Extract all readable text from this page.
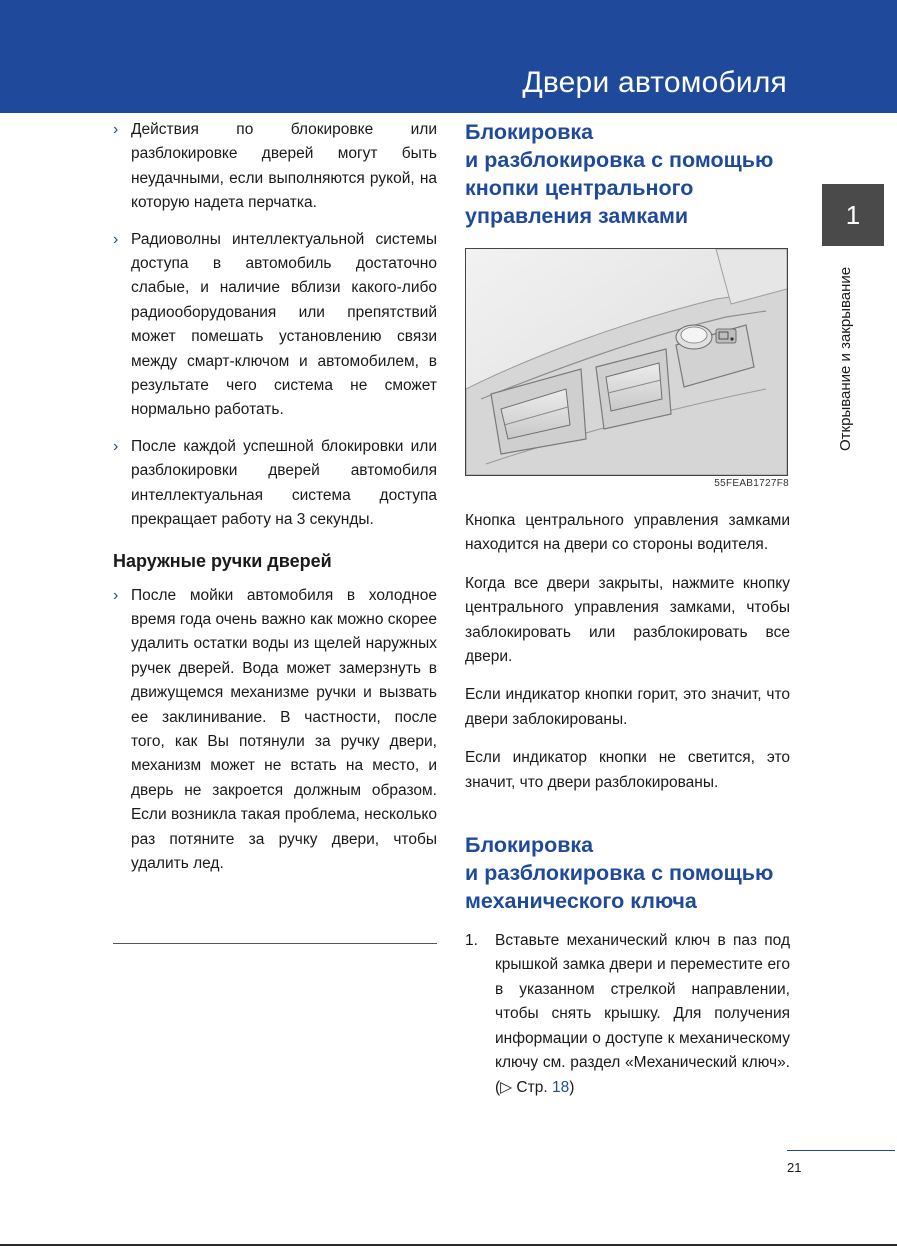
Двери автомобиля
1
Открывание и закрывание
› Действия по блокировке или разблокировке дверей могут быть неудачными, если выполняются рукой, на которую надета перчатка.
› Радиоволны интеллектуальной системы доступа в автомобиль достаточно слабые, и наличие вблизи какого-либо радиооборудования или препятствий может помешать установлению связи между смарт-ключом и автомобилем, в результате чего система не сможет нормально работать.
› После каждой успешной блокировки или разблокировки дверей автомобиля интеллектуальная система доступа прекращает работу на 3 секунды.
Наружные ручки дверей
› После мойки автомобиля в холодное время года очень важно как можно скорее удалить остатки воды из щелей наружных ручек дверей. Вода может замерзнуть в движущемся механизме ручки и вызвать ее заклинивание. В частности, после того, как Вы потянули за ручку двери, механизм может не встать на место, и дверь не закроется должным образом. Если возникла такая проблема, несколько раз потяните за ручку двери, чтобы удалить лед.
Блокировка
и разблокировка с помощью
кнопки центрального
управления замками
55FEAB1727F8

Кнопка центрального управления замками находится на двери со стороны водителя.

Когда все двери закрыты, нажмите кнопку центрального управления замками, чтобы заблокировать или разблокировать все двери.

Если индикатор кнопки горит, это значит, что двери заблокированы.

Если индикатор кнопки не светится, это значит, что двери разблокированы.

Блокировка
и разблокировка с помощью
механического ключа
1. Вставьте механический ключ в паз под крышкой замка двери и переместите его в указанном стрелкой направлении, чтобы снять крышку. Для получения информации о доступе к механическому ключу см. раздел «Механический ключ». (▷ Стр. 18)
21
